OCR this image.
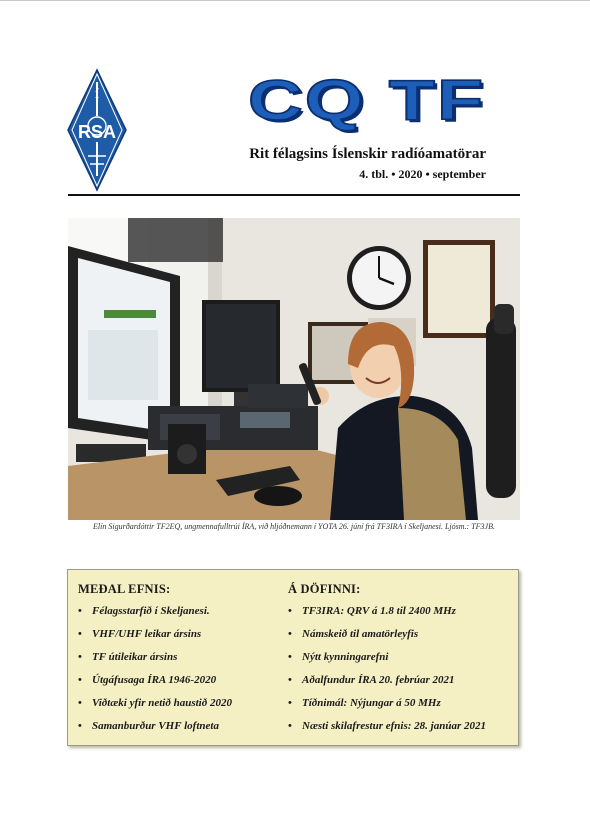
í
RSA CQ TF
Rit félagsins Íslenskir radíóamatörar
4. tbl. • 2020 • september
Elín Sigurðardóttir TF2EQ, ungmennafulltrúi ÍRA, við hljóðnemann í YOTA 26. júní frá TF3IRA í Skeljanesi. Ljósm.: TF3JB.
MEÐAL EFNIS:
• Félagsstarfið í Skeljanesi.
• VHF/UHF leikar ársins
• TF útileikar ársins
• Útgáfusaga ÍRA 1946-2020
• Viðtæki yfir netið haustið 2020
• Samanburður VHF loftneta
Á DÖFINNI:
• TF3IRA: QRV á 1.8 til 2400 MHz
• Námskeið til amatörleyfis
• Nýtt kynningarefni
• Aðalfundur ÍRA 20. febrúar 2021
• Tíðnimál: Nýjungar á 50 MHz
• Næsti skilafrestur efnis: 28. janúar 2021
